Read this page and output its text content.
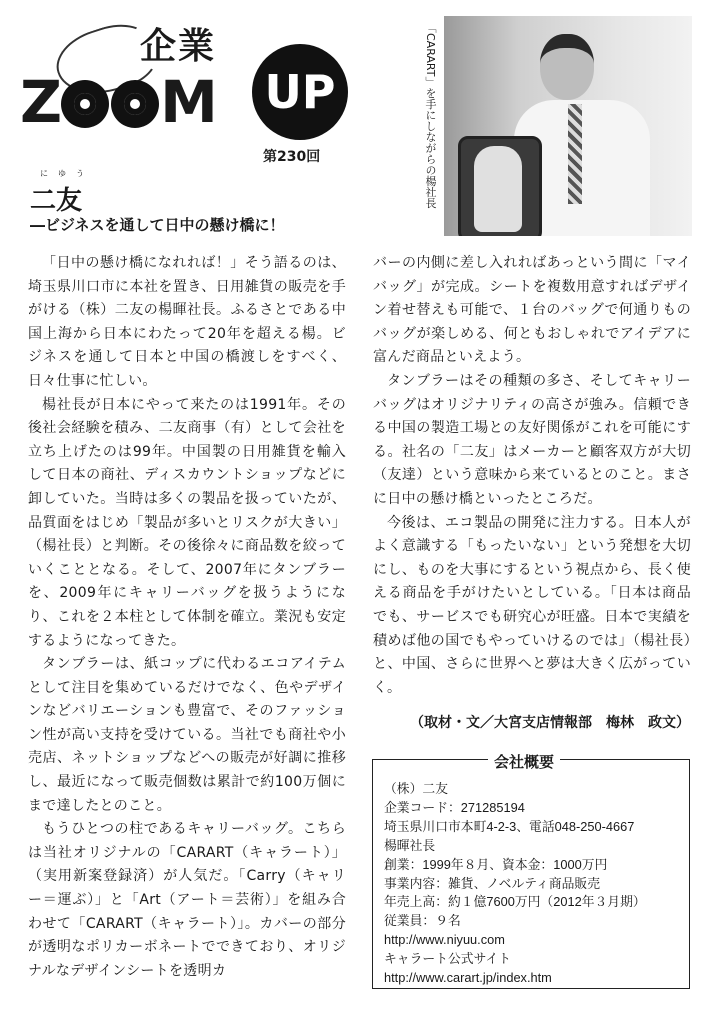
企業
Z M UP
第230回
にゆう
二友
―ビジネスを通して日中の懸け橋に！
「CARART」を手にしながらの楊社長

「日中の懸け橋になれれば！」そう語るのは、埼玉県川口市に本社を置き、日用雑貨の販売を手がける（株）二友の楊暉社長。ふるさとである中国上海から日本にわたって20年を超える楊。ビジネスを通して日本と中国の橋渡しをすべく、日々仕事に忙しい。

楊社長が日本にやって来たのは1991年。その後社会経験を積み、二友商事（有）として会社を立ち上げたのは99年。中国製の日用雑貨を輸入して日本の商社、ディスカウントショップなどに卸していた。当時は多くの製品を扱っていたが、品質面をはじめ「製品が多いとリスクが大きい」（楊社長）と判断。その後徐々に商品数を絞っていくこととなる。そして、2007年にタンブラーを、2009年にキャリーバッグを扱うようになり、これを２本柱として体制を確立。業況も安定するようになってきた。

タンブラーは、紙コップに代わるエコアイテムとして注目を集めているだけでなく、色やデザインなどバリエーションも豊富で、そのファッション性が高い支持を受けている。当社でも商社や小売店、ネットショップなどへの販売が好調に推移し、最近になって販売個数は累計で約100万個にまで達したとのこと。

もうひとつの柱であるキャリーバッグ。こちらは当社オリジナルの「CARART（キャラート）」（実用新案登録済）が人気だ。「Carry（キャリー＝運ぶ）」と「Art（アート＝芸術）」を組み合わせて「CARART（キャラート）」。カバーの部分が透明なポリカーボネートでできており、オリジナルなデザインシートを透明カ

バーの内側に差し入れればあっという間に「マイバッグ」が完成。シートを複数用意すればデザイン着せ替えも可能で、１台のバッグで何通りものバッグが楽しめる、何ともおしゃれでアイデアに富んだ商品といえよう。

タンブラーはその種類の多さ、そしてキャリーバッグはオリジナリティの高さが強み。信頼できる中国の製造工場との友好関係がこれを可能にする。社名の「二友」はメーカーと顧客双方が大切（友達）という意味から来ているとのこと。まさに日中の懸け橋といったところだ。

今後は、エコ製品の開発に注力する。日本人がよく意識する「もったいない」という発想を大切にし、ものを大事にするという視点から、長く使える商品を手がけたいとしている。「日本は商品でも、サービスでも研究心が旺盛。日本で実績を積めば他の国でもやっていけるのでは」（楊社長）と、中国、さらに世界へと夢は大きく広がっていく。

（取材・文／大宮支店情報部　梅林　政文）
会社概要
（株）二友
企業コード：271285194
埼玉県川口市本町4-2-3、電話048-250-4667
楊暉社長
創業：1999年８月、資本金：1000万円
事業内容：雑貨、ノベルティ商品販売
年売上高：約１億7600万円（2012年３月期）
従業員：９名
http://www.niyuu.com
キャラート公式サイト
http://www.carart.jp/index.htm
